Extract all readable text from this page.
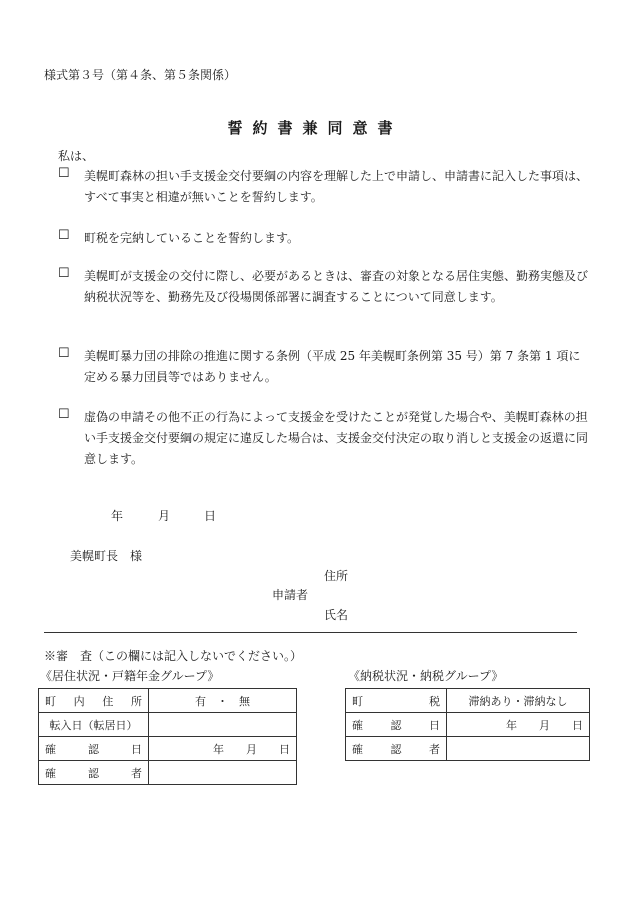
様式第３号（第４条、第５条関係）
誓約書兼同意書
私は、
☐ 美幌町森林の担い手支援金交付要綱の内容を理解した上で申請し、申請書に記入した事項は、すべて事実と相違が無いことを誓約します。
☐ 町税を完納していることを誓約します。
☐ 美幌町が支援金の交付に際し、必要があるときは、審査の対象となる居住実態、勤務実態及び納税状況等を、勤務先及び役場関係部署に調査することについて同意します。
☐ 美幌町暴力団の排除の推進に関する条例（平成 25 年美幌町条例第 35 号）第 7 条第 1 項に定める暴力団員等ではありません。
☐ 虚偽の申請その他不正の行為によって支援金を受けたことが発覚した場合や、美幌町森林の担い手支援金交付要綱の規定に違反した場合は、支援金交付決定の取り消しと支援金の返還に同意します。
年	月	日
美幌町長　様
住所
申請者
氏名
※審　査（この欄には記入しないでください。）
《居住状況・戸籍年金グループ》	《納税状況・納税グループ》
町内住所	有　・　無
転入日（転居日）	
確認日	年　　月　　日
確認者	
町税	滞納あり・滞納なし
確認日	年　　月　　日
確認者	
